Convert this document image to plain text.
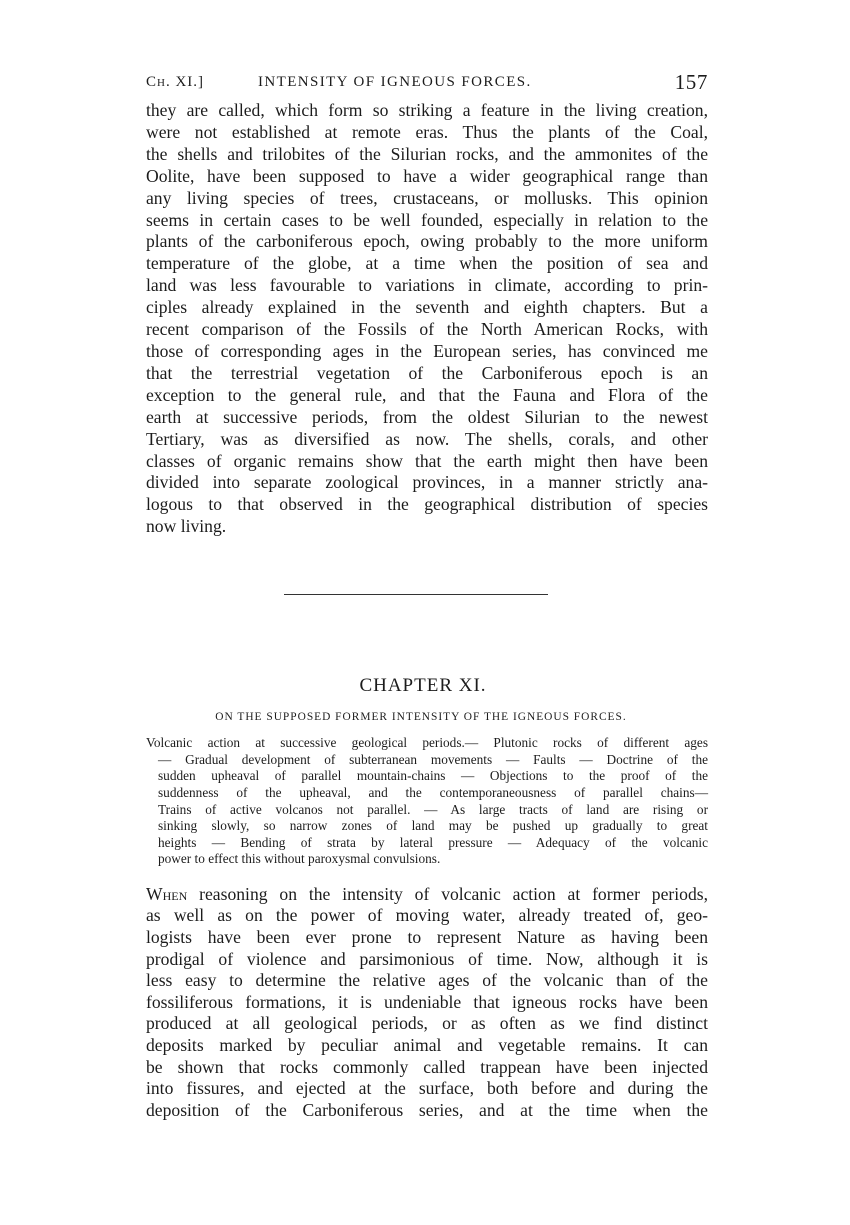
Ch. XI.]	INTENSITY OF IGNEOUS FORCES.	157
they are called, which form so striking a feature in the living creation,
were not established at remote eras. Thus the plants of the Coal,
the shells and trilobites of the Silurian rocks, and the ammonites of the
Oolite, have been supposed to have a wider geographical range than
any living species of trees, crustaceans, or mollusks. This opinion
seems in certain cases to be well founded, especially in relation to the
plants of the carboniferous epoch, owing probably to the more uniform
temperature of the globe, at a time when the position of sea and
land was less favourable to variations in climate, according to prin-
ciples already explained in the seventh and eighth chapters. But a
recent comparison of the Fossils of the North American Rocks, with
those of corresponding ages in the European series, has convinced me
that the terrestrial vegetation of the Carboniferous epoch is an
exception to the general rule, and that the Fauna and Flora of the
earth at successive periods, from the oldest Silurian to the newest
Tertiary, was as diversified as now. The shells, corals, and other
classes of organic remains show that the earth might then have been
divided into separate zoological provinces, in a manner strictly ana-
logous to that observed in the geographical distribution of species
now living.
CHAPTER XI.
ON THE SUPPOSED FORMER INTENSITY OF THE IGNEOUS FORCES.
Volcanic action at successive geological periods.— Plutonic rocks of different ages
— Gradual development of subterranean movements — Faults — Doctrine of the
sudden upheaval of parallel mountain-chains — Objections to the proof of the
suddenness of the upheaval, and the contemporaneousness of parallel chains—
Trains of active volcanos not parallel. — As large tracts of land are rising or
sinking slowly, so narrow zones of land may be pushed up gradually to great
heights — Bending of strata by lateral pressure — Adequacy of the volcanic
power to effect this without paroxysmal convulsions.
When reasoning on the intensity of volcanic action at former periods,
as well as on the power of moving water, already treated of, geo-
logists have been ever prone to represent Nature as having been
prodigal of violence and parsimonious of time. Now, although it is
less easy to determine the relative ages of the volcanic than of the
fossiliferous formations, it is undeniable that igneous rocks have been
produced at all geological periods, or as often as we find distinct
deposits marked by peculiar animal and vegetable remains. It can
be shown that rocks commonly called trappean have been injected
into fissures, and ejected at the surface, both before and during the
deposition of the Carboniferous series, and at the time when the
